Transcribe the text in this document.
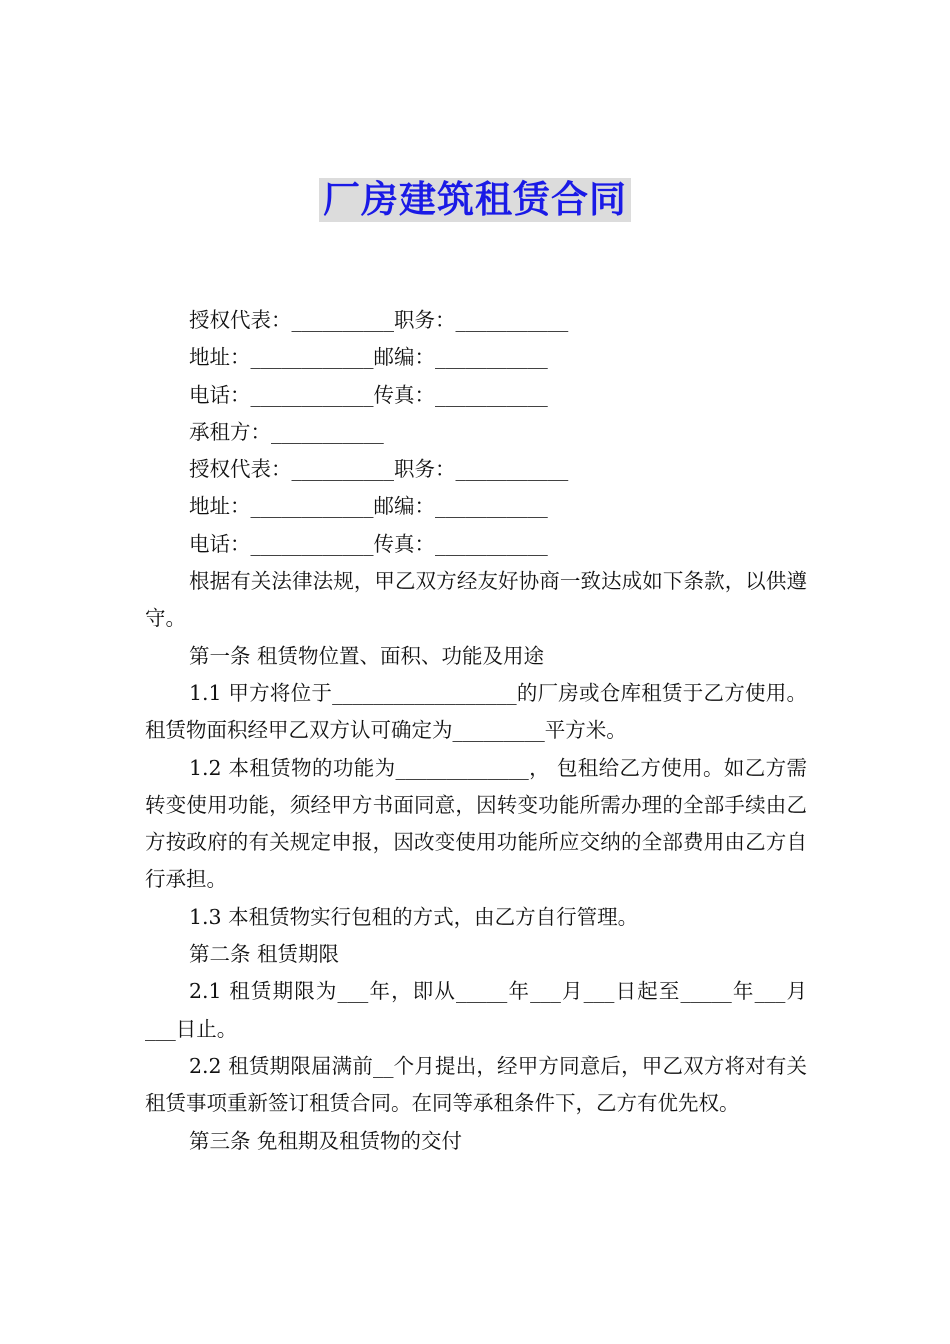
厂房建筑租赁合同

授权代表：__________职务：___________

地址：____________邮编：___________

电话：____________传真：___________

承租方：___________

授权代表：__________职务：___________

地址：____________邮编：___________

电话：____________传真：___________

根据有关法律法规，甲乙双方经友好协商一致达成如下条款，以供遵守。

第一条 租赁物位置、面积、功能及用途

1.1 甲方将位于__________________的厂房或仓库租赁于乙方使用。租赁物面积经甲乙双方认可确定为_________平方米。

1.2 本租赁物的功能为_____________， 包租给乙方使用。如乙方需转变使用功能，须经甲方书面同意，因转变功能所需办理的全部手续由乙方按政府的有关规定申报，因改变使用功能所应交纳的全部费用由乙方自行承担。

1.3 本租赁物实行包租的方式，由乙方自行管理。

第二条 租赁期限

2.1 租赁期限为___年，即从_____年___月___日起至_____年___月___日止。

2.2 租赁期限届满前__个月提出，经甲方同意后，甲乙双方将对有关租赁事项重新签订租赁合同。在同等承租条件下，乙方有优先权。

第三条 免租期及租赁物的交付
